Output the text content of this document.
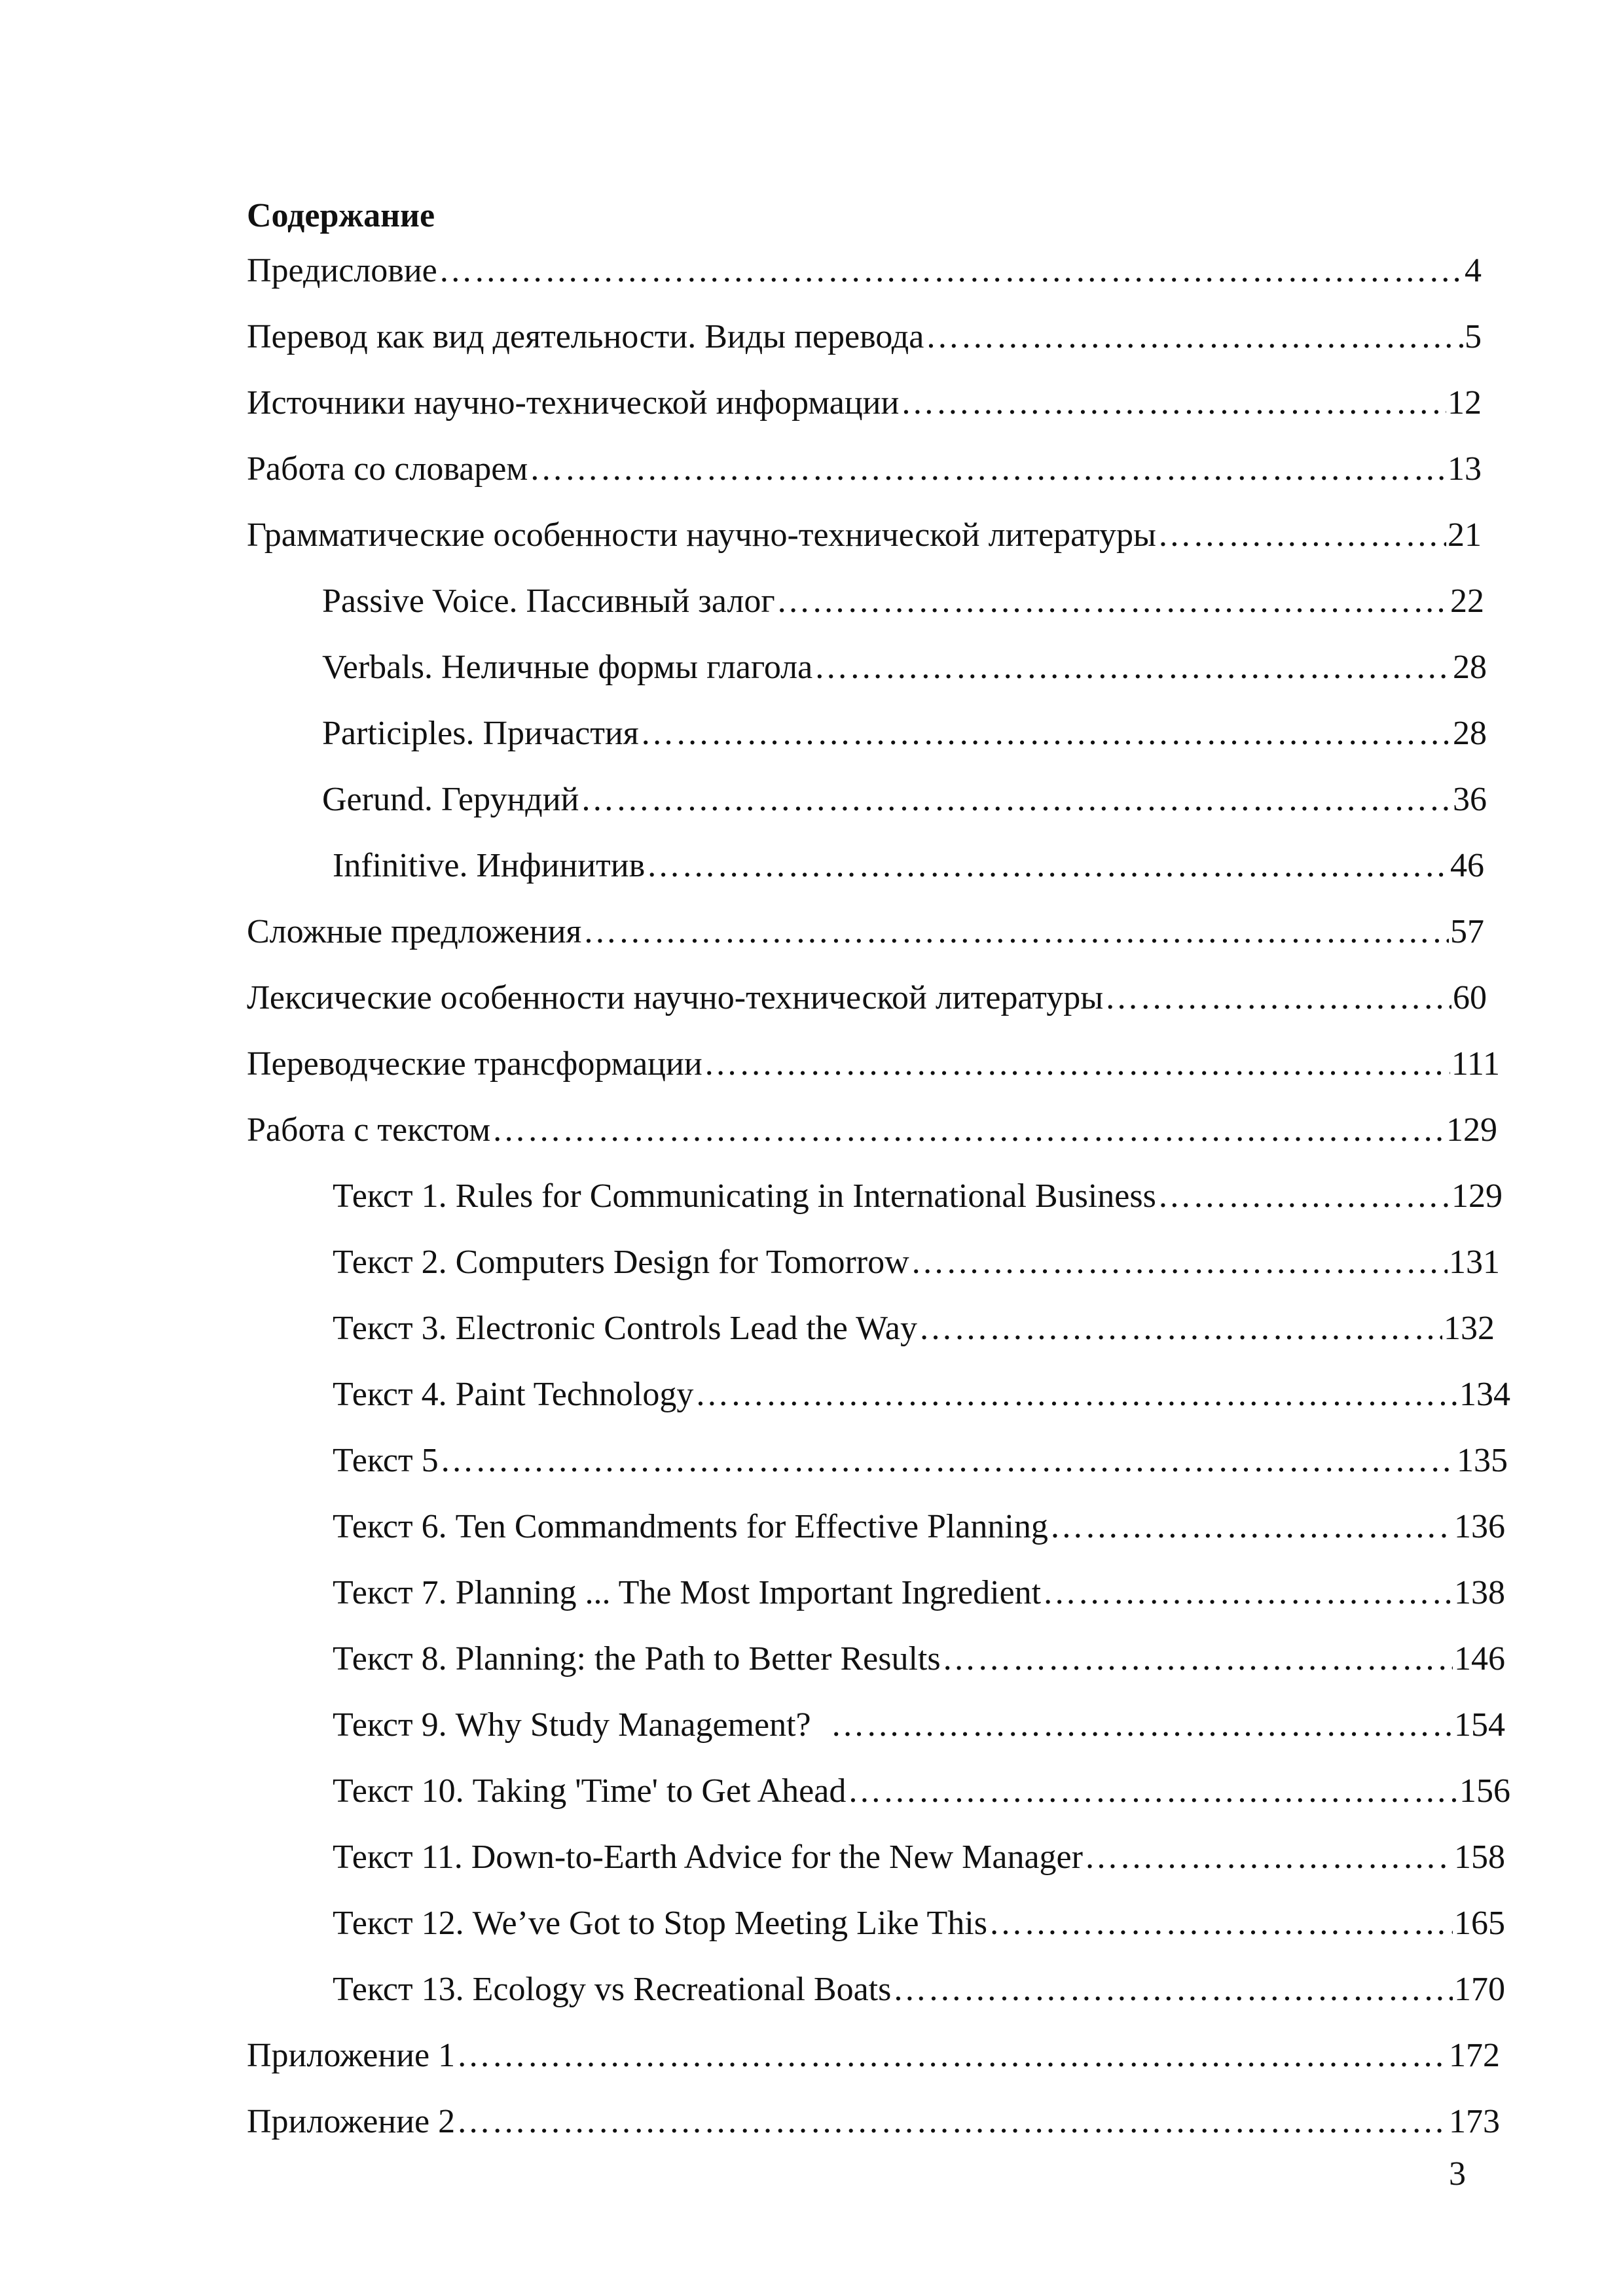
Содержание
Предисловие ………………………………………………………………………………………………………………………………………………………………………………………………………………………………………………	4
Перевод как вид деятельности. Виды перевода ………………………………………………………………………………………………………………………………………………………………………………………………………………………………………………	5
Источники научно-технической информации ………………………………………………………………………………………………………………………………………………………………………………………………………………………………………………	12
Работа со словарем ………………………………………………………………………………………………………………………………………………………………………………………………………………………………………………	13
Грамматические особенности научно-технической литературы ………………………………………………………………………………………………………………………………………………………………………………………………………………………………………………	21
Passive Voice. Пассивный залог ………………………………………………………………………………………………………………………………………………………………………………………………………………………………………………	22
Verbals. Неличные формы глагола ………………………………………………………………………………………………………………………………………………………………………………………………………………………………………………	28
Participles. Причастия ………………………………………………………………………………………………………………………………………………………………………………………………………………………………………………	28
Gerund. Герундий ………………………………………………………………………………………………………………………………………………………………………………………………………………………………………………	36
Infinitive. Инфинитив ………………………………………………………………………………………………………………………………………………………………………………………………………………………………………………	46
Сложные предложения ………………………………………………………………………………………………………………………………………………………………………………………………………………………………………………	57
Лексические особенности научно-технической литературы ………………………………………………………………………………………………………………………………………………………………………………………………………………………………………………	60
Переводческие трансформации ………………………………………………………………………………………………………………………………………………………………………………………………………………………………………………	111
Работа с текстом ………………………………………………………………………………………………………………………………………………………………………………………………………………………………………………	129
Текст 1. Rules for Communicating in International Business ………………………………………………………………………………………………………………………………………………………………………………………………………………………………………………	129
Текст 2. Computers Design for Tomorrow ………………………………………………………………………………………………………………………………………………………………………………………………………………………………………………	131
Текст 3. Electronic Controls Lead the Way ………………………………………………………………………………………………………………………………………………………………………………………………………………………………………………	132
Текст 4. Paint Technology ………………………………………………………………………………………………………………………………………………………………………………………………………………………………………………	134
Текст 5 ………………………………………………………………………………………………………………………………………………………………………………………………………………………………………………	135
Текст 6. Ten Commandments for Effective Planning ………………………………………………………………………………………………………………………………………………………………………………………………………………………………………………	136
Текст 7. Planning ... The Most Important Ingredient ………………………………………………………………………………………………………………………………………………………………………………………………………………………………………………	138
Текст 8. Planning: the Path to Better Results ………………………………………………………………………………………………………………………………………………………………………………………………………………………………………………	146
Текст 9. Why Study Management? ………………………………………………………………………………………………………………………………………………………………………………………………………………………………………………	154
Текст 10. Taking 'Time' to Get Ahead ………………………………………………………………………………………………………………………………………………………………………………………………………………………………………………	156
Текст 11. Down-to-Earth Advice for the New Manager ………………………………………………………………………………………………………………………………………………………………………………………………………………………………………………	158
Текст 12. We’ve Got to Stop Meeting Like This ………………………………………………………………………………………………………………………………………………………………………………………………………………………………………………	165
Текст 13. Ecology vs Recreational Boats ………………………………………………………………………………………………………………………………………………………………………………………………………………………………………………	170
Приложение 1 ………………………………………………………………………………………………………………………………………………………………………………………………………………………………………………	172
Приложение 2 ………………………………………………………………………………………………………………………………………………………………………………………………………………………………………………	173
3
